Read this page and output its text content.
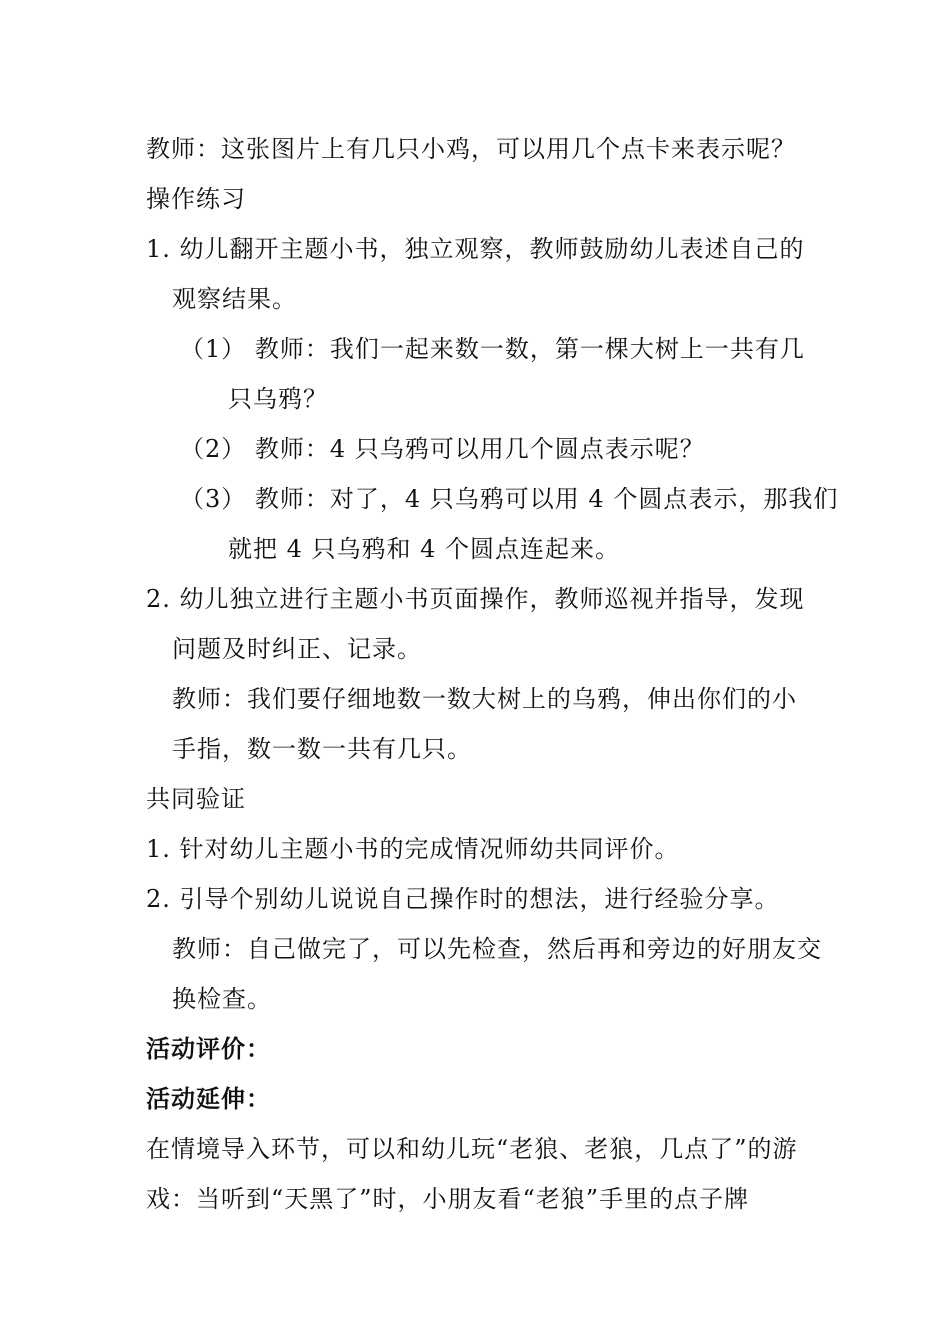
教师：这张图片上有几只小鸡，可以用几个点卡来表示呢？
操作练习
1. 幼儿翻开主题小书，独立观察，教师鼓励幼儿表述自己的
观察结果。
（1） 教师：我们一起来数一数，第一棵大树上一共有几
只乌鸦？
（2） 教师：4 只乌鸦可以用几个圆点表示呢？
（3） 教师：对了，4 只乌鸦可以用 4 个圆点表示，那我们
就把 4 只乌鸦和 4 个圆点连起来。
2. 幼儿独立进行主题小书页面操作，教师巡视并指导，发现
问题及时纠正、记录。
教师：我们要仔细地数一数大树上的乌鸦，伸出你们的小
手指，数一数一共有几只。
共同验证
1. 针对幼儿主题小书的完成情况师幼共同评价。
2. 引导个别幼儿说说自己操作时的想法，进行经验分享。
教师：自己做完了，可以先检查，然后再和旁边的好朋友交
换检查。
活动评价：
活动延伸：
在情境导入环节，可以和幼儿玩“老狼、老狼，几点了”的游
戏：当听到“天黑了”时，小朋友看“老狼”手里的点子牌
